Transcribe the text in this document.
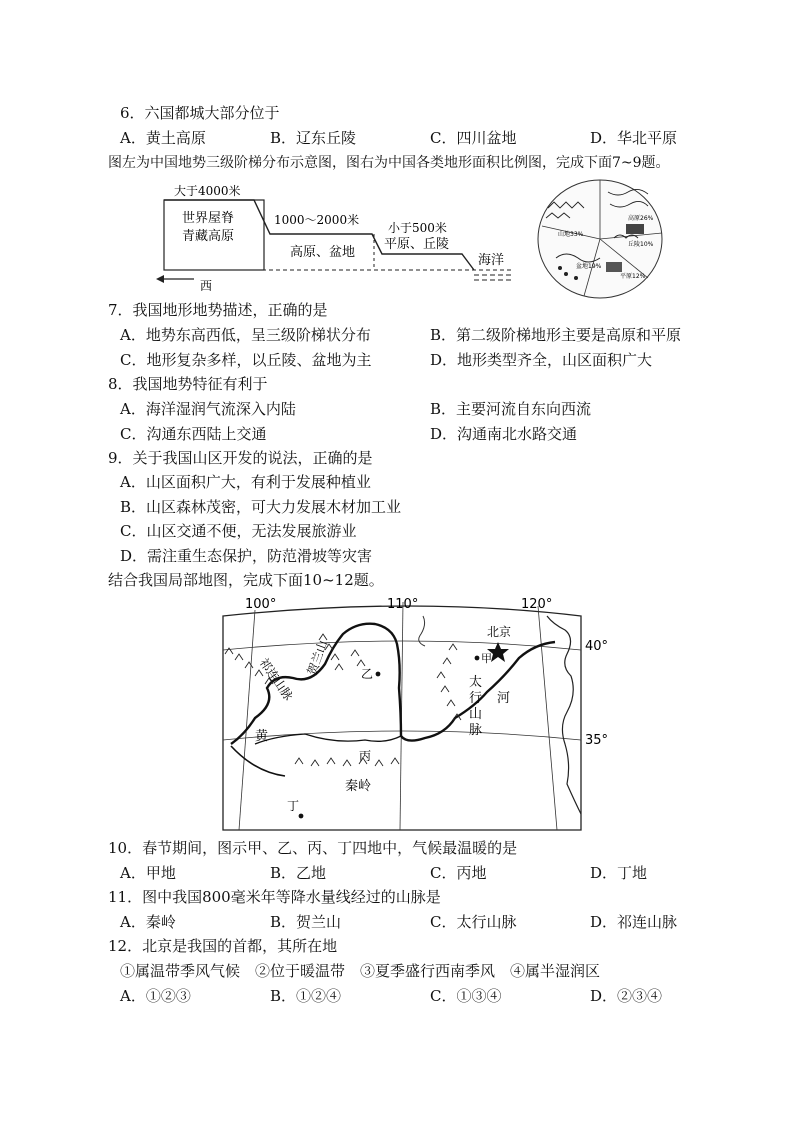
6．六国都城大部分位于
A．黄土高原	B．辽东丘陵	C．四川盆地	D．华北平原
图左为中国地势三级阶梯分布示意图，图右为中国各类地形面积比例图，完成下面7~9题。
大于4000米
世界屋脊
青藏高原
1000～2000米
高原、盆地
小于500米
平原、丘陵
海洋
西
高原26%
山地33%
丘陵10%
盆地19%
平原12%
7．我国地形地势描述，正确的是
A．地势东高西低，呈三级阶梯状分布	B．第二级阶梯地形主要是高原和平原
C．地形复杂多样，以丘陵、盆地为主	D．地形类型齐全，山区面积广大
8．我国地势特征有利于
A．海洋湿润气流深入内陆	B．主要河流自东向西流
C．沟通东西陆上交通	D．沟通南北水路交通
9．关于我国山区开发的说法，正确的是
A．山区面积广大，有利于发展种植业
B．山区森林茂密，可大力发展木材加工业
C．山区交通不便，无法发展旅游业
D．需注重生态保护，防范滑坡等灾害
结合我国局部地图，完成下面10~12题。
100°	110°	120°
40°
35°
北京
甲
乙
丙
丁
祁连山脉 贺兰山
太
行
山
脉
河
黄
秦岭
10．春节期间，图示甲、乙、丙、丁四地中，气候最温暖的是
A．甲地	B．乙地	C．丙地	D．丁地
11．图中我国800毫米年等降水量线经过的山脉是
A．秦岭	B．贺兰山	C．太行山脉	D．祁连山脉
12．北京是我国的首都，其所在地
①属温带季风气候　②位于暖温带　③夏季盛行西南季风　④属半湿润区
A．①②③	B．①②④	C．①③④	D．②③④
